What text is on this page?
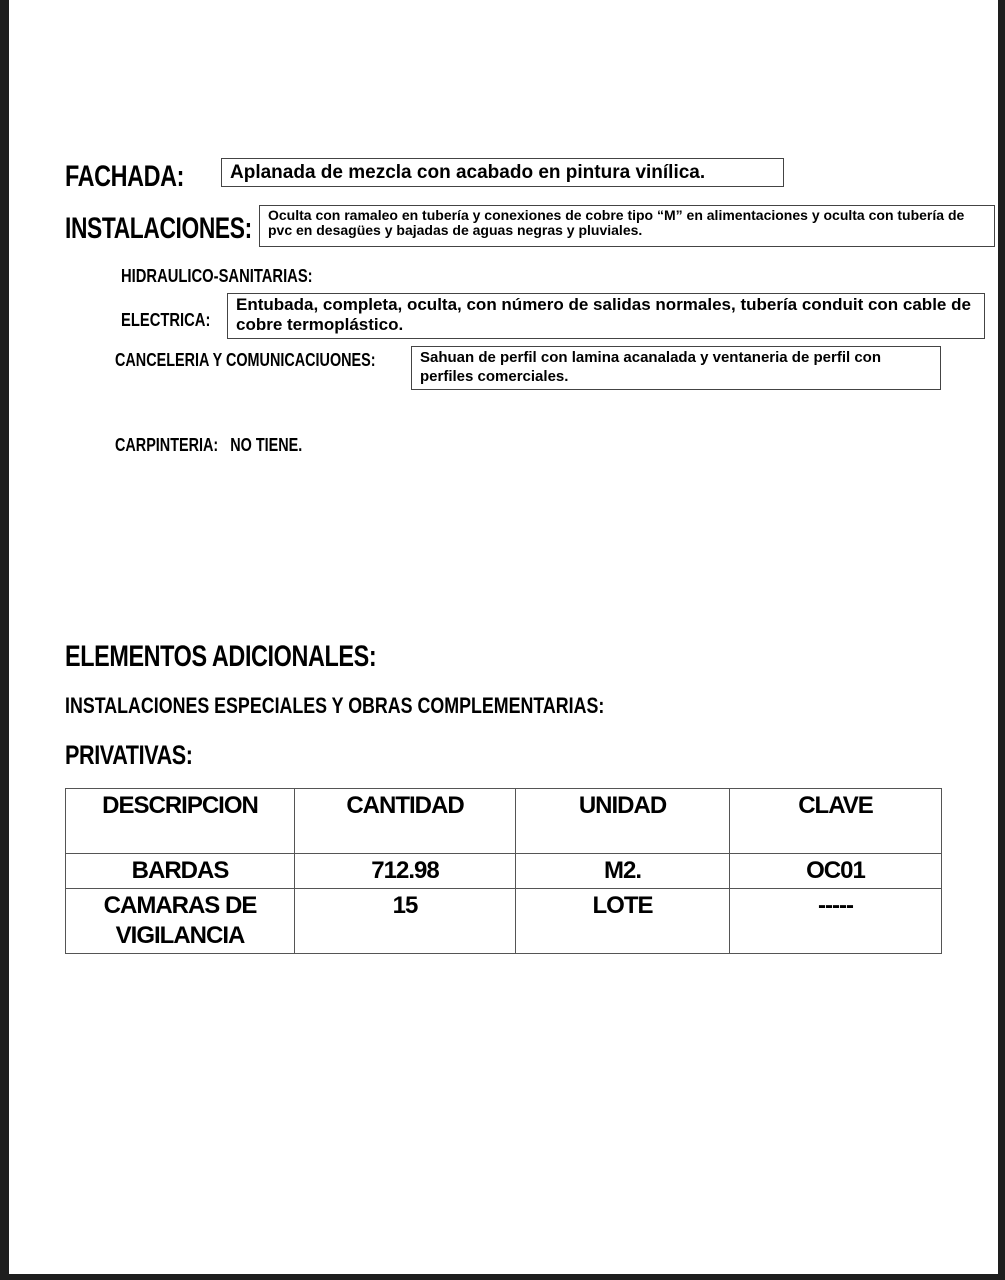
FACHADA:	Aplanada de mezcla con acabado en pintura vinílica.
INSTALACIONES:	Oculta con ramaleo en tubería y conexiones de cobre tipo “M” en alimentaciones y oculta con tubería de pvc en desagües y bajadas de aguas negras y pluviales.
HIDRAULICO-SANITARIAS:
ELECTRICA:
Entubada, completa, oculta, con número de salidas normales, tubería conduit con cable de cobre termoplástico.
CANCELERIA Y COMUNICACIUONES:	Sahuan de perfil con lamina acanalada y ventaneria de perfil con perfiles comerciales.
CARPINTERIA: NO TIENE.
ELEMENTOS ADICIONALES:
INSTALACIONES ESPECIALES Y OBRAS COMPLEMENTARIAS:
PRIVATIVAS:
DESCRIPCION	CANTIDAD	UNIDAD	CLAVE
BARDAS	712.98	M2.	OC01
CAMARAS DE VIGILANCIA	15	LOTE	-----
